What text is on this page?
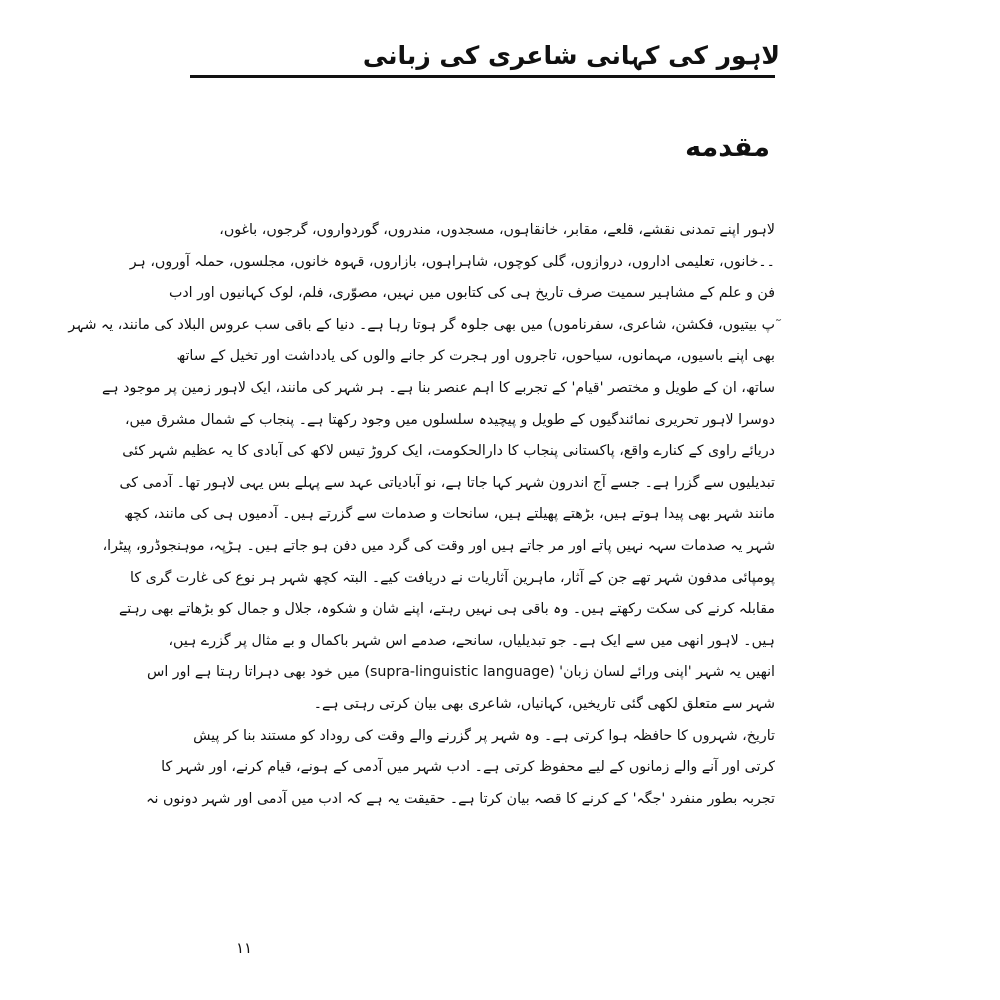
لاہور کی کہانی شاعری کی زبانی
مقدمه
لاہور اپنے تمدنی نقشے، قلعے، مقابر، خانقاہوں، مسجدوں، مندروں، گوردواروں، گرجوں، باغوں،
۔۔خانوں، تعلیمی اداروں، دروازوں، گلی کوچوں، شاہراہوں، بازاروں، قہوہ خانوں، مجلسوں، حملہ آوروں، ہر
فن و علم کے مشاہیر سمیت صرف تاریخ ہی کی کتابوں میں نہیں، مصوّری، فلم، لوک کہانیوں اور ادب
ٓپ بیتیوں، فکشن، شاعری، سفرناموں) میں بھی جلوہ گر ہوتا رہا ہے۔ دنیا کے باقی سب عروس البلاد کی مانند، یہ شہر
بھی اپنے باسیوں، مہمانوں، سیاحوں، تاجروں اور ہجرت کر جانے والوں کی یادداشت اور تخیل کے ساتھ
ساتھ، ان کے طویل و مختصر 'قیام' کے تجربے کا اہم عنصر بنا ہے۔ ہر شہر کی مانند، ایک لاہور زمین پر موجود ہے
دوسرا لاہور تحریری نمائندگیوں کے طویل و پیچیدہ سلسلوں میں وجود رکھتا ہے۔ پنجاب کے شمال مشرق میں،
دریائے راوی کے کنارے واقع، پاکستانی پنجاب کا دارالحکومت، ایک کروڑ تیس لاکھ کی آبادی کا یہ عظیم شہر کئی
تبدیلیوں سے گزرا ہے۔ جسے آج اندرون شہر کہا جاتا ہے، نو آبادیاتی عہد سے پہلے بس یہی لاہور تھا۔ آدمی کی
مانند شہر بھی پیدا ہوتے ہیں، بڑھتے پھیلتے ہیں، سانحات و صدمات سے گزرتے ہیں۔ آدمیوں ہی کی مانند، کچھ
شہر یہ صدمات سہہ نہیں پاتے اور مر جاتے ہیں اور وقت کی گرد میں دفن ہو جاتے ہیں۔ ہڑپہ، موہنجوڈرو، پیٹرا،
پومپائی مدفون شہر تھے جن کے آثار، ماہرین آثاریات نے دریافت کیے۔ البتہ کچھ شہر ہر نوع کی غارت گری کا
مقابلہ کرنے کی سکت رکھتے ہیں۔ وہ باقی ہی نہیں رہتے، اپنے شان و شکوہ، جلال و جمال کو بڑھاتے بھی رہتے
ہیں۔ لاہور انھی میں سے ایک ہے۔ جو تبدیلیاں، سانحے، صدمے اس شہر باکمال و بے مثال پر گزرے ہیں،
انھیں یہ شہر 'اپنی ورائے لسان زبان' (supra-linguistic language) میں خود بھی دہراتا رہتا ہے اور اس
شہر سے متعلق لکھی گئی تاریخیں، کہانیاں، شاعری بھی بیان کرتی رہتی ہے۔
تاریخ، شہروں کا حافظہ ہوا کرتی ہے۔ وہ شہر پر گزرنے والے وقت کی روداد کو مستند بنا کر پیش
کرتی اور آنے والے زمانوں کے لیے محفوظ کرتی ہے۔ ادب شہر میں آدمی کے ہونے، قیام کرنے، اور شہر کا
تجربہ بطور منفرد 'جگہ' کے کرنے کا قصہ بیان کرتا ہے۔ حقیقت یہ ہے کہ ادب میں آدمی اور شہر دونوں نہ
۱۱
